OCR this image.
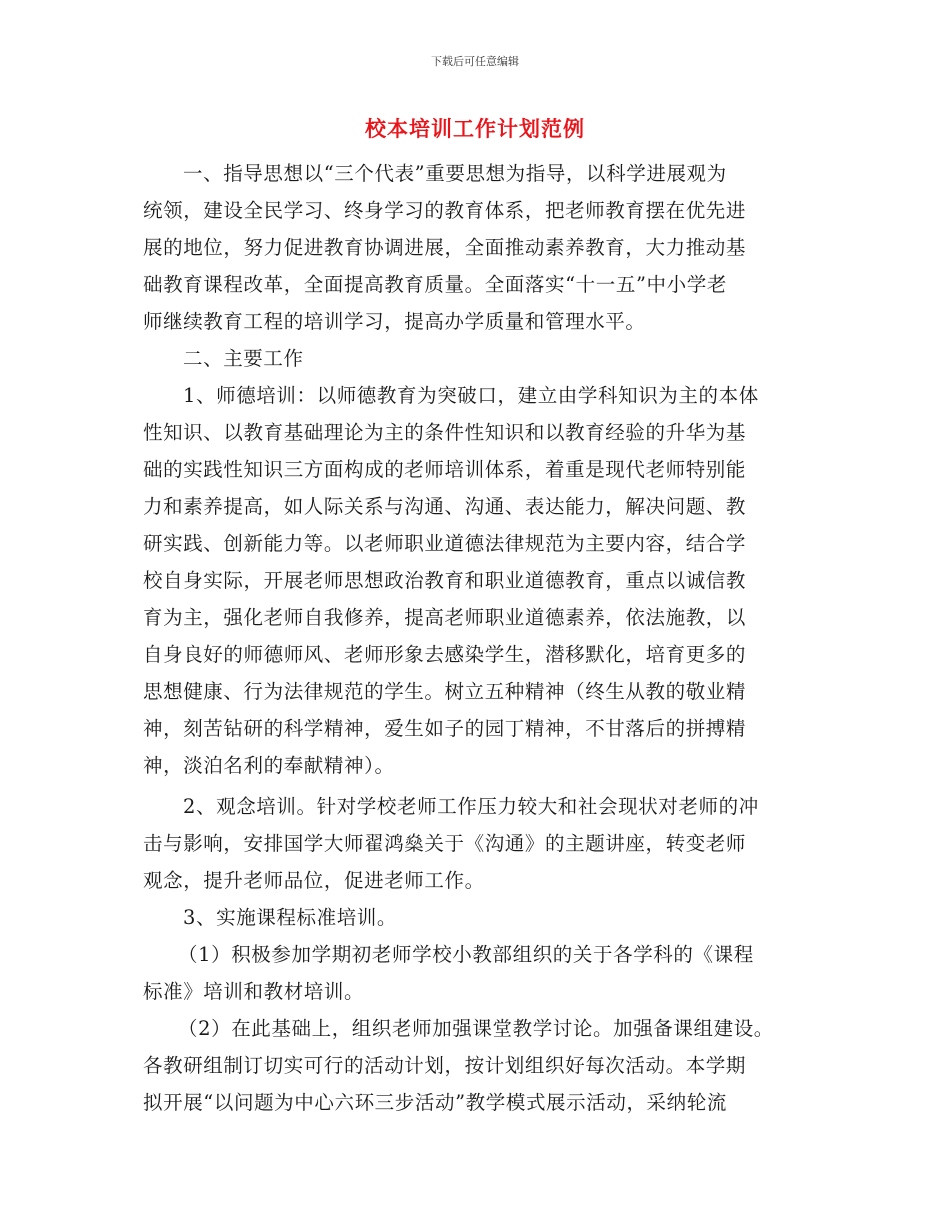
下载后可任意编辑
校本培训工作计划范例
一、指导思想以“三个代表”重要思想为指导，以科学进展观为
统领，建设全民学习、终身学习的教育体系，把老师教育摆在优先进
展的地位，努力促进教育协调进展，全面推动素养教育，大力推动基
础教育课程改革，全面提高教育质量。全面落实“十一五”中小学老
师继续教育工程的培训学习，提高办学质量和管理水平。
二、主要工作
1、师德培训：以师德教育为突破口，建立由学科知识为主的本体
性知识、以教育基础理论为主的条件性知识和以教育经验的升华为基
础的实践性知识三方面构成的老师培训体系，着重是现代老师特别能
力和素养提高，如人际关系与沟通、沟通、表达能力，解决问题、教
研实践、创新能力等。以老师职业道德法律规范为主要内容，结合学
校自身实际，开展老师思想政治教育和职业道德教育，重点以诚信教
育为主，强化老师自我修养，提高老师职业道德素养，依法施教，以
自身良好的师德师风、老师形象去感染学生，潜移默化，培育更多的
思想健康、行为法律规范的学生。树立五种精神（终生从教的敬业精
神，刻苦钻研的科学精神，爱生如子的园丁精神，不甘落后的拼搏精
神，淡泊名利的奉献精神）。
2、观念培训。针对学校老师工作压力较大和社会现状对老师的冲
击与影响，安排国学大师翟鸿燊关于《沟通》的主题讲座，转变老师
观念，提升老师品位，促进老师工作。
3、实施课程标准培训。
（1）积极参加学期初老师学校小教部组织的关于各学科的《课程
标准》培训和教材培训。
（2）在此基础上，组织老师加强课堂教学讨论。加强备课组建设。
各教研组制订切实可行的活动计划，按计划组织好每次活动。本学期
拟开展“以问题为中心六环三步活动”教学模式展示活动，采纳轮流
